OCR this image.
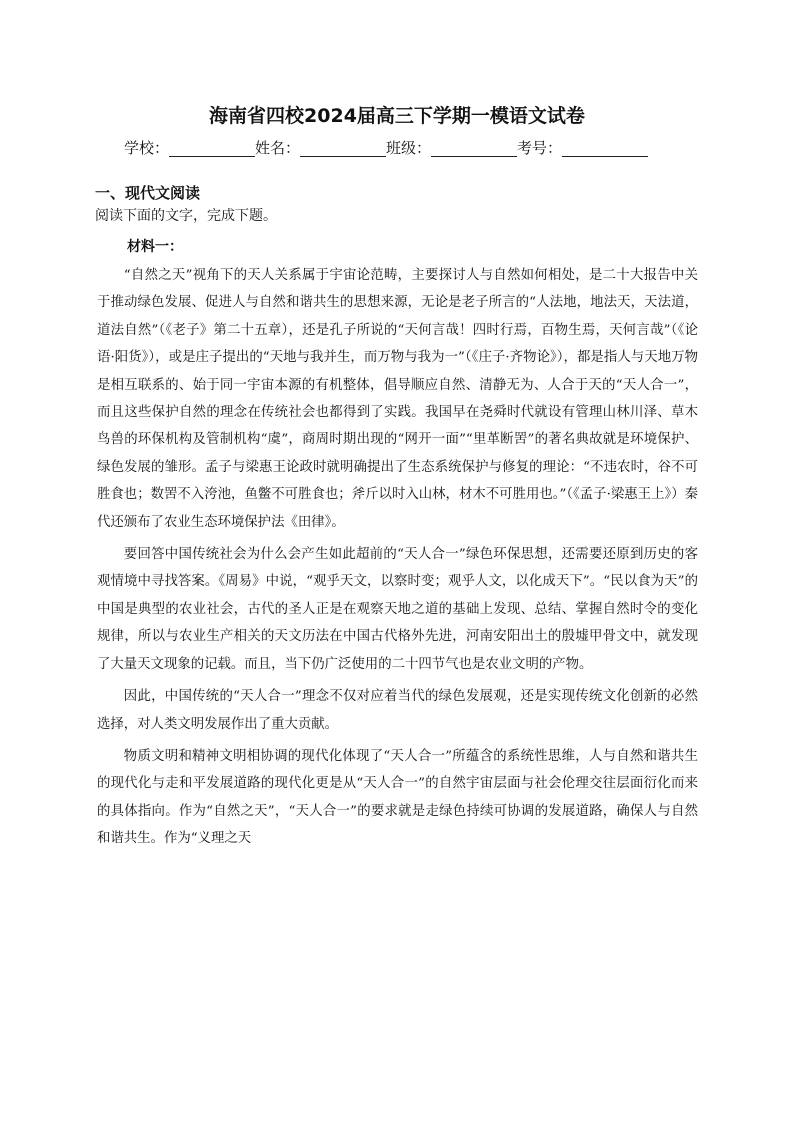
海南省四校2024届高三下学期一模语文试卷
学校：	姓名：	班级：	考号：
一、现代文阅读

阅读下面的文字，完成下题。

材料一：

“自然之天”视角下的天人关系属于宇宙论范畴，主要探讨人与自然如何相处，是二十大报告中关于推动绿色发展、促进人与自然和谐共生的思想来源，无论是老子所言的“人法地，地法天，天法道，道法自然”（《老子》第二十五章），还是孔子所说的“天何言哉！四时行焉，百物生焉，天何言哉”（《论语·阳货》），或是庄子提出的“天地与我并生，而万物与我为一”（《庄子·齐物论》），都是指人与天地万物是相互联系的、始于同一宇宙本源的有机整体，倡导顺应自然、清静无为、人合于天的“天人合一”，而且这些保护自然的理念在传统社会也都得到了实践。我国早在尧舜时代就设有管理山林川泽、草木鸟兽的环保机构及管制机构“虞”，商周时期出现的“网开一面”“里革断罟”的著名典故就是环境保护、绿色发展的雏形。孟子与梁惠王论政时就明确提出了生态系统保护与修复的理论：“不违农时，谷不可胜食也；数罟不入洿池，鱼鳖不可胜食也；斧斤以时入山林，材木不可胜用也。”（《孟子·梁惠王上》）秦代还颁布了农业生态环境保护法《田律》。

要回答中国传统社会为什么会产生如此超前的“天人合一”绿色环保思想，还需要还原到历史的客观情境中寻找答案。《周易》中说，“观乎天文，以察时变；观乎人文，以化成天下”。“民以食为天”的中国是典型的农业社会，古代的圣人正是在观察天地之道的基础上发现、总结、掌握自然时令的变化规律，所以与农业生产相关的天文历法在中国古代格外先进，河南安阳出土的殷墟甲骨文中，就发现了大量天文现象的记载。而且，当下仍广泛使用的二十四节气也是农业文明的产物。

因此，中国传统的“天人合一”理念不仅对应着当代的绿色发展观，还是实现传统文化创新的必然选择，对人类文明发展作出了重大贡献。

物质文明和精神文明相协调的现代化体现了“天人合一”所蕴含的系统性思维，人与自然和谐共生的现代化与走和平发展道路的现代化更是从“天人合一”的自然宇宙层面与社会伦理交往层面衍化而来的具体指向。作为“自然之天”，“天人合一”的要求就是走绿色持续可协调的发展道路，确保人与自然和谐共生。作为“义理之天
